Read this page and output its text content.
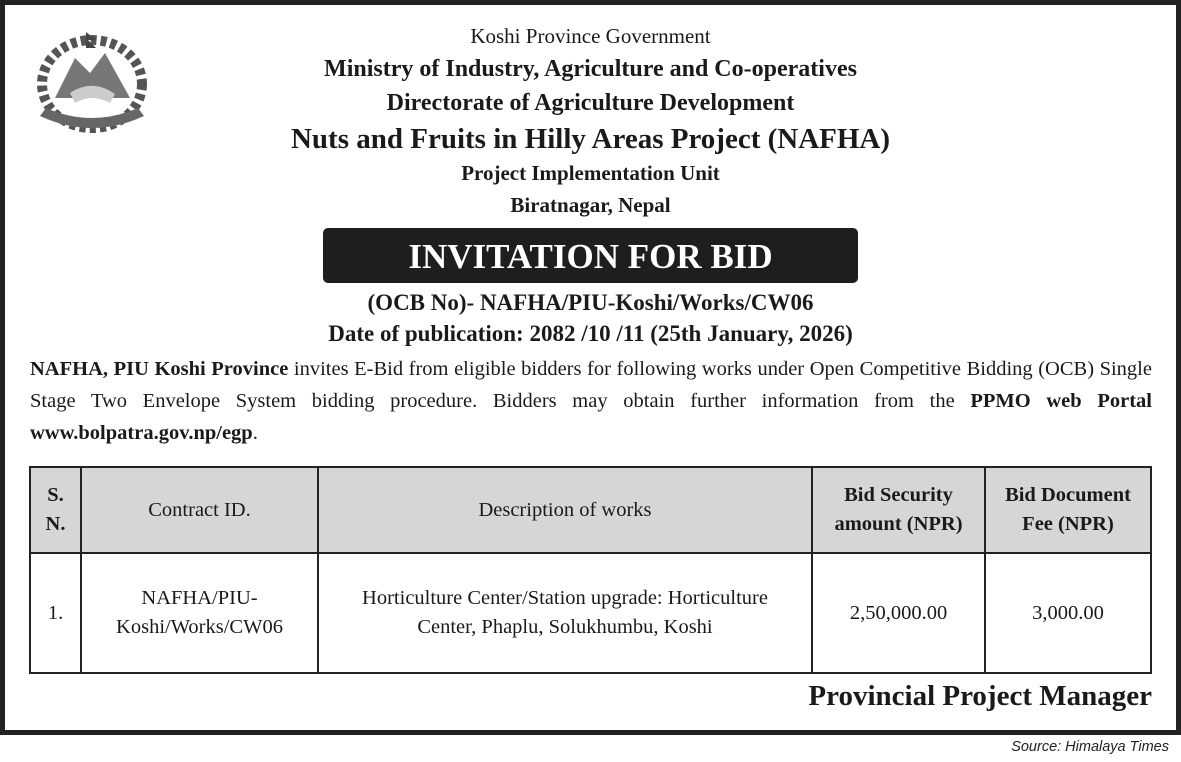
Koshi Province Government
Ministry of Industry, Agriculture and Co-operatives
Directorate of Agriculture Development
Nuts and Fruits in Hilly Areas Project (NAFHA)
Project Implementation Unit
Biratnagar, Nepal
INVITATION FOR BID
(OCB No)- NAFHA/PIU-Koshi/Works/CW06
Date of publication: 2082 /10 /11 (25th January, 2026)
NAFHA, PIU Koshi Province invites E-Bid from eligible bidders for following works under Open Competitive Bidding (OCB) Single Stage Two Envelope System bidding procedure. Bidders may obtain further information from the PPMO web Portal www.bolpatra.gov.np/egp.
S. N.	Contract ID.	Description of works	Bid Security amount (NPR)	Bid Document Fee (NPR)
1.	NAFHA/PIU-Koshi/Works/CW06	Horticulture Center/Station upgrade: Horticulture Center, Phaplu, Solukhumbu, Koshi	2,50,000.00	3,000.00
Provincial Project Manager
Source: Himalaya Times
